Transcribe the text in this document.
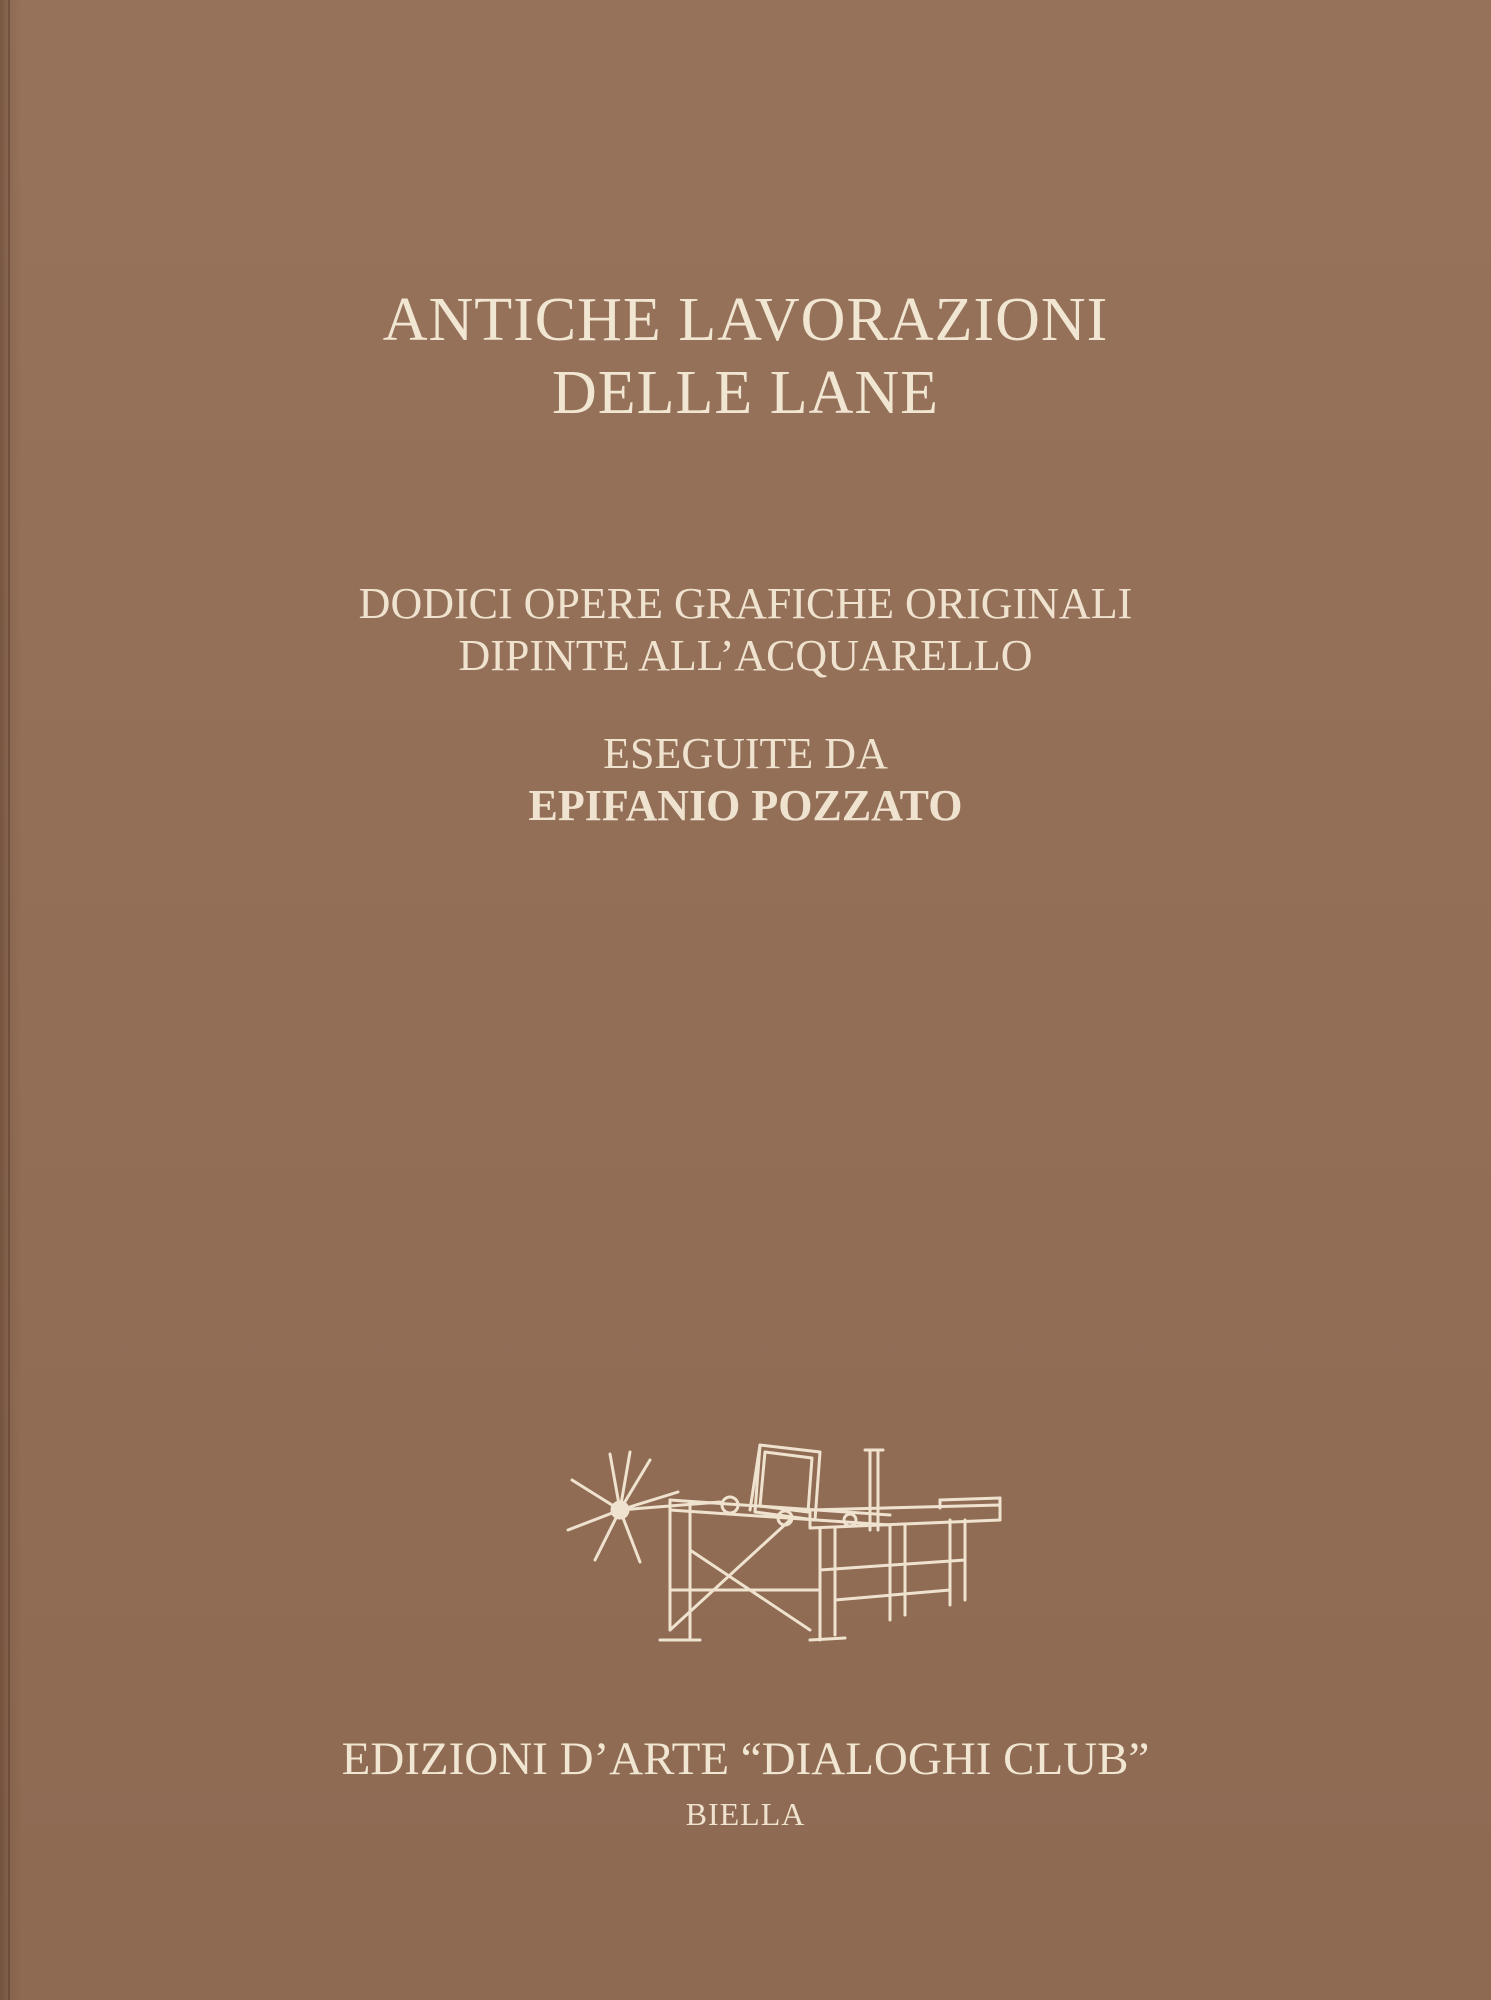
ANTICHE LAVORAZIONI
DELLE LANE

DODICI OPERE GRAFICHE ORIGINALI

DIPINTE ALL’ACQUARELLO

ESEGUITE DA

EPIFANIO POZZATO

EDIZIONI D’ARTE “DIALOGHI CLUB”

BIELLA
